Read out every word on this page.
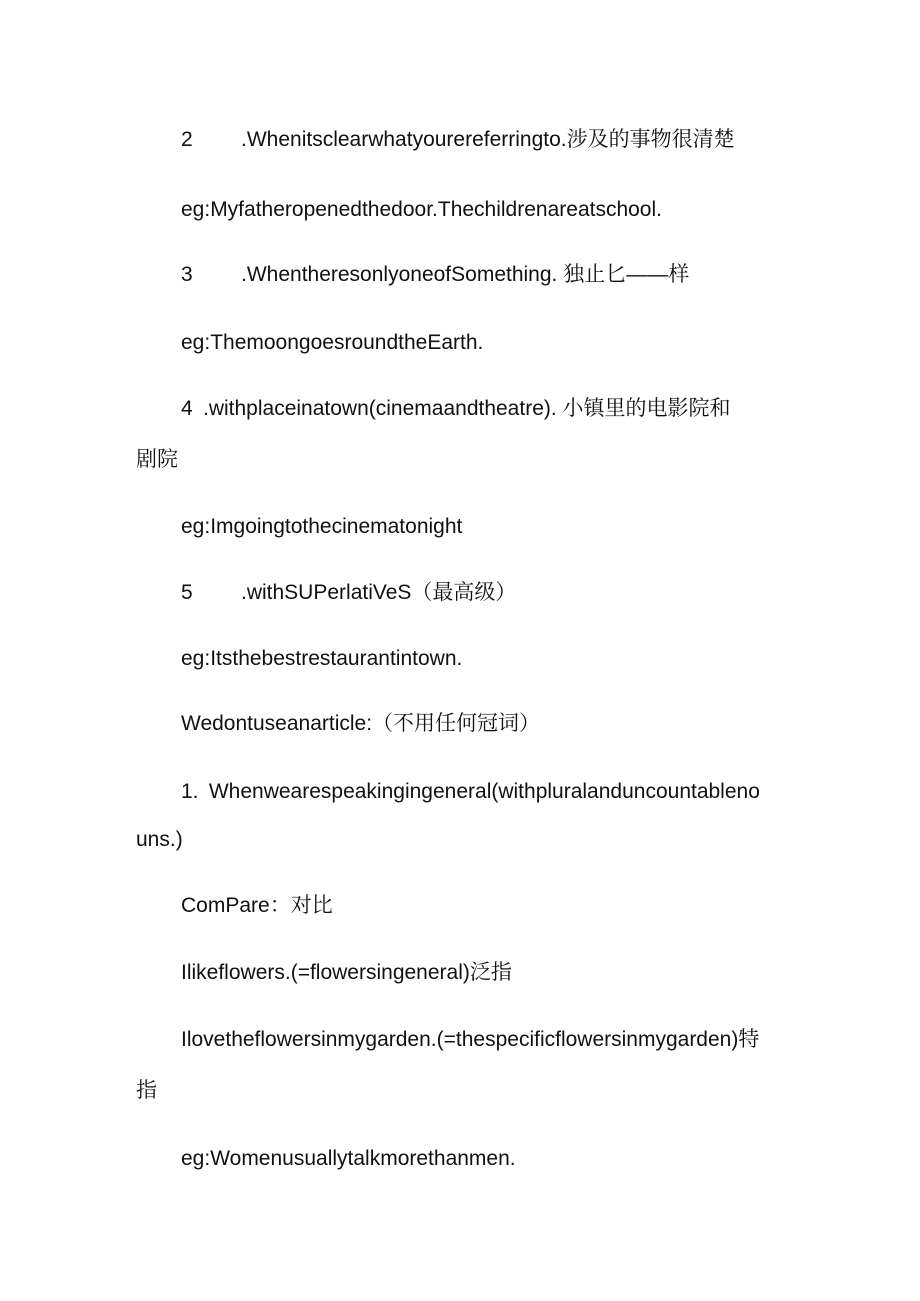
2 .Whenitsclearwhatyourereferringto.涉及的事物很清楚
eg:Myfatheropenedthedoor.Thechildrenareatschool.
3 .WhentheresonlyoneofSomething. 独止匕——样
eg:ThemoongoesroundtheEarth.
4 .withplaceinatown(cinemaandtheatre). 小镇里的电影院和
剧院
eg:Imgoingtothecinematonight
5 .withSUPerlatiVeS（最高级）
eg:Itsthebestrestaurantintown.
Wedontuseanarticle:（不用任何冠词）
1. Whenwearespeakingingeneral(withpluralanduncountableno
uns.)
ComPare：对比
Ilikeflowers.(=flowersingeneral)泛指
Ilovetheflowersinmygarden.(=thespecificflowersinmygarden)特
指
eg:Womenusuallytalkmorethanmen.
